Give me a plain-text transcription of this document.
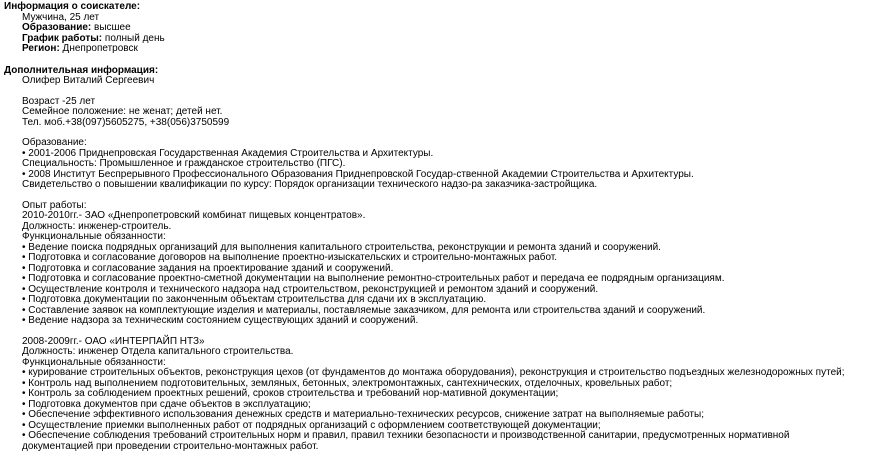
Информация о соискателе:
Мужчина, 25 лет
Образование: высшее
График работы: полный день
Регион: Днепропетровск
Дополнительная информация:
Олифер Виталий Сергеевич
Возраст -25 лет
Семейное положение: не женат; детей нет.
Тел. моб.+38(097)5605275, +38(056)3750599
Образование:
• 2001-2006 Приднепровская Государственная Академия Строительства и Архитектуры.
Специальность: Промышленное и гражданское строительство (ПГС).
• 2008 Институт Беспрерывного Профессионального Образования Приднепровской Государ-ственной Академии Строительства и Архитектуры.
Свидетельство о повышении квалификации по курсу: Порядок организации технического надзо-ра заказчика-застройщика.
Опыт работы:
2010-2010гг.- ЗАО «Днепропетровский комбинат пищевых концентратов».
Должность: инженер-строитель.
Функциональные обязанности:
• Ведение поиска подрядных организаций для выполнения капитального строительства, реконструкции и ремонта зданий и сооружений.
• Подготовка и согласование договоров на выполнение проектно-изыскательских и строительно-монтажных работ.
• Подготовка и согласование задания на проектирование зданий и сооружений.
• Подготовка и согласование проектно-сметной документации на выполнение ремонтно-строительных работ и передача ее подрядным организациям.
• Осуществление контроля и технического надзора над строительством, реконструкцией и ремонтом зданий и сооружений.
• Подготовка документации по законченным объектам строительства для сдачи их в эксплуатацию.
• Составление заявок на комплектующие изделия и материалы, поставляемые заказчиком, для ремонта или строительства зданий и сооружений.
• Ведение надзора за техническим состоянием существующих зданий и сооружений.
2008-2009гг.- ОАО «ИНТЕРПАЙП НТЗ»
Должность: инженер Отдела капитального строительства.
Функциональные обязанности:
• курирование строительных объектов, реконструкция цехов (от фундаментов до монтажа оборудования), реконструкция и строительство подъездных железнодорожных путей;
• Контроль над выполнением подготовительных, земляных, бетонных, электромонтажных, сантехнических, отделочных, кровельных работ;
• Контроль за соблюдением проектных решений, сроков строительства и требований нор-мативной документации;
• Подготовка документов при сдаче объектов в эксплуатацию;
• Обеспечение эффективного использования денежных средств и материально-технических ресурсов, снижение затрат на выполняемые работы;
• Осуществление приемки выполненных работ от подрядных организаций с оформлением соответствующей документации;
• Обеспечение соблюдения требований строительных норм и правил, правил техники безопасности и производственной санитарии, предусмотренных нормативной документацией при проведении строительно-монтажных работ.
